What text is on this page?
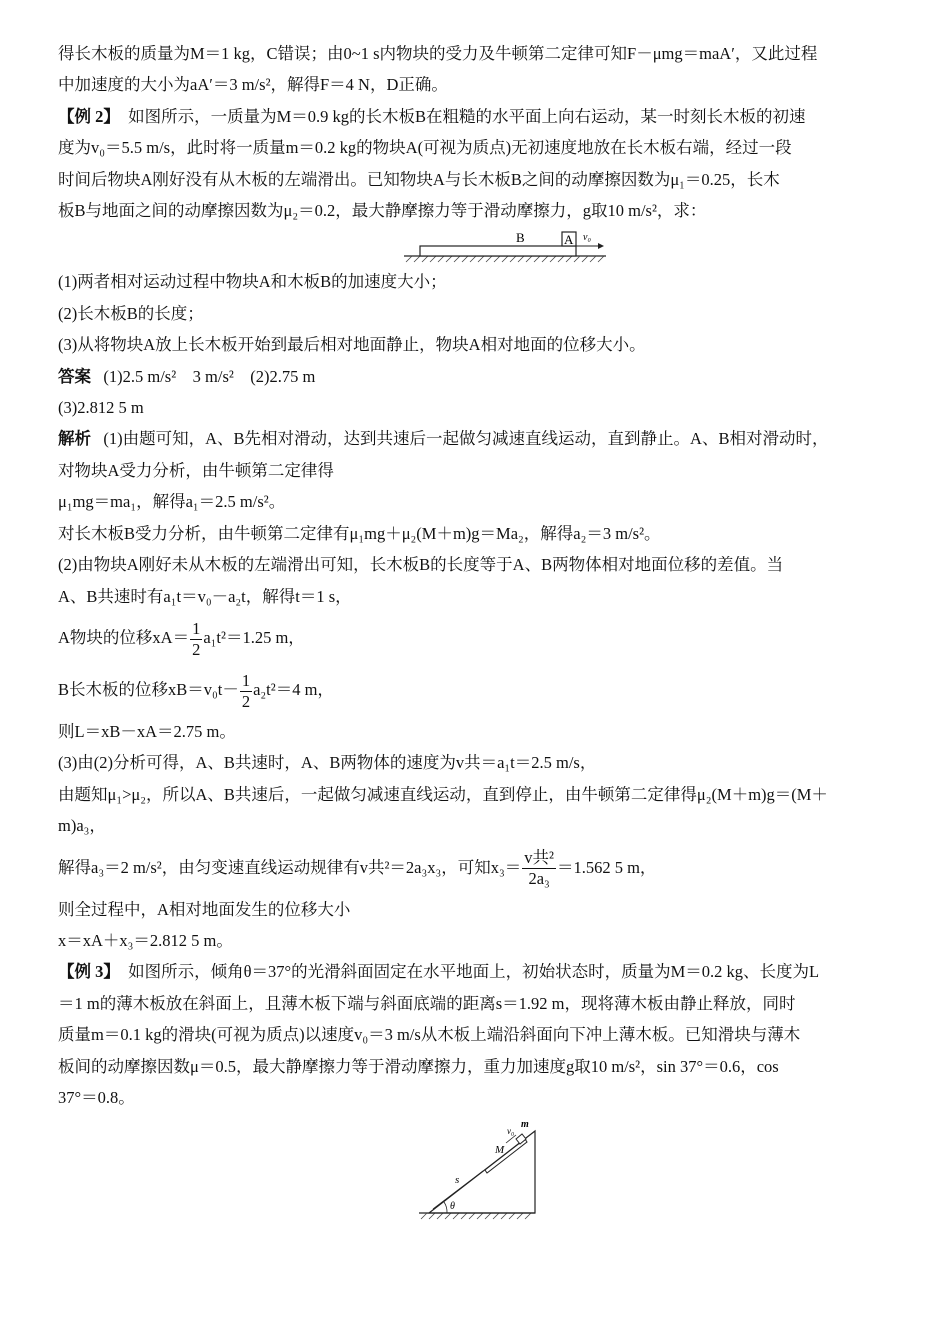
得长木板的质量为M＝1 kg，C错误；由0~1 s内物块的受力及牛顿第二定律可知F－μmg＝maA′，又此过程

中加速度的大小为aA′＝3 m/s²，解得F＝4 N，D正确。

【例 2】 如图所示，一质量为M＝0.9 kg的长木板B在粗糙的水平面上向右运动，某一时刻长木板的初速

度为v₀＝5.5 m/s，此时将一质量m＝0.2 kg的物块A(可视为质点)无初速度地放在长木板右端，经过一段

时间后物块A刚好没有从木板的左端滑出。已知物块A与长木板B之间的动摩擦因数为μ₁＝0.25，长木

板B与地面之间的动摩擦因数为μ₂＝0.2，最大静摩擦力等于滑动摩擦力，g取10 m/s²，求：

B	A v₀

(1)两者相对运动过程中物块A和木板B的加速度大小；

(2)长木板B的长度；

(3)从将物块A放上长木板开始到最后相对地面静止，物块A相对地面的位移大小。

答案 (1)2.5 m/s²　3 m/s²　(2)2.75 m

(3)2.812 5 m

解析 (1)由题可知，A、B先相对滑动，达到共速后一起做匀减速直线运动，直到静止。A、B相对滑动时，

对物块A受力分析，由牛顿第二定律得

μ₁mg＝ma₁，解得a₁＝2.5 m/s²。

对长木板B受力分析，由牛顿第二定律有μ₁mg＋μ₂(M＋m)g＝Ma₂，解得a₂＝3 m/s²。

(2)由物块A刚好未从木板的左端滑出可知，长木板B的长度等于A、B两物体相对地面位移的差值。当

A、B共速时有a₁t＝v₀－a₂t，解得t＝1 s，

A物块的位移$xA= \frac{1}{2} a_1t^2=1.25$ m，

B长木板的位移$xB=v_0t- \frac{1}{2} a_2t^2=4$ m，

则L＝xB－xA＝2.75 m。

(3)由(2)分析可得，A、B共速时，A、B两物体的速度为v共＝a₁t＝2.5 m/s，

由题知μ₁>μ₂，所以A、B共速后，一起做匀减速直线运动，直到停止，由牛顿第二定律得μ₂(M＋m)g＝(M＋

m)a₃，

解得a₃＝2 m/s²，由匀变速直线运动规律有v共²＝2a₃x₃，可知$x_3= \frac{\text{v共²}}{\text{2a₃}} =1.562$ 5 m，

则全过程中，A相对地面发生的位移大小

x＝xA＋x₃＝2.812 5 m。

【例 3】 如图所示，倾角θ＝37°的光滑斜面固定在水平地面上，初始状态时，质量为M＝0.2 kg、长度为L

＝1 m的薄木板放在斜面上，且薄木板下端与斜面底端的距离s＝1.92 m，现将薄木板由静止释放，同时

质量m＝0.1 kg的滑块(可视为质点)以速度v₀＝3 m/s从木板上端沿斜面向下冲上薄木板。已知滑块与薄木

板间的动摩擦因数μ＝0.5，最大静摩擦力等于滑动摩擦力，重力加速度g取10 m/s²，sin 37°＝0.6，cos

37°＝0.8。

v₀
m
M
s
θ
